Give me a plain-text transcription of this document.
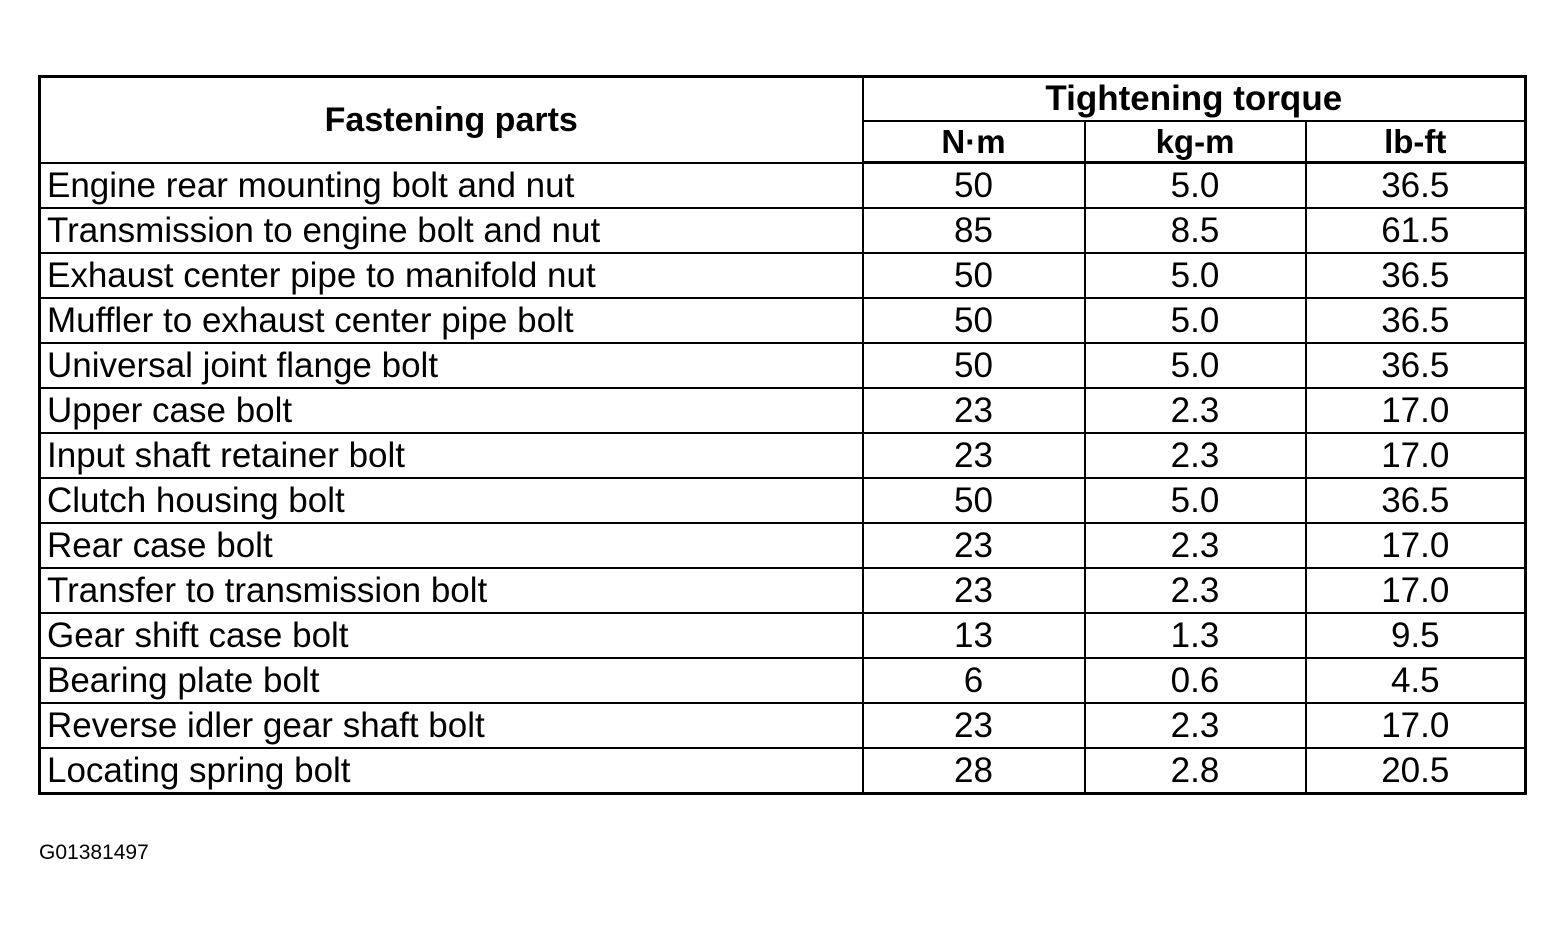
Fastening parts	Tightening torque		
	N·m	kg-m	lb-ft
Engine rear mounting bolt and nut	50	5.0	36.5
Transmission to engine bolt and nut	85	8.5	61.5
Exhaust center pipe to manifold nut	50	5.0	36.5
Muffler to exhaust center pipe bolt	50	5.0	36.5
Universal joint flange bolt	50	5.0	36.5
Upper case bolt	23	2.3	17.0
Input shaft retainer bolt	23	2.3	17.0
Clutch housing bolt	50	5.0	36.5
Rear case bolt	23	2.3	17.0
Transfer to transmission bolt	23	2.3	17.0
Gear shift case bolt	13	1.3	9.5
Bearing plate bolt	6	0.6	4.5
Reverse idler gear shaft bolt	23	2.3	17.0
Locating spring bolt	28	2.8	20.5
G01381497
